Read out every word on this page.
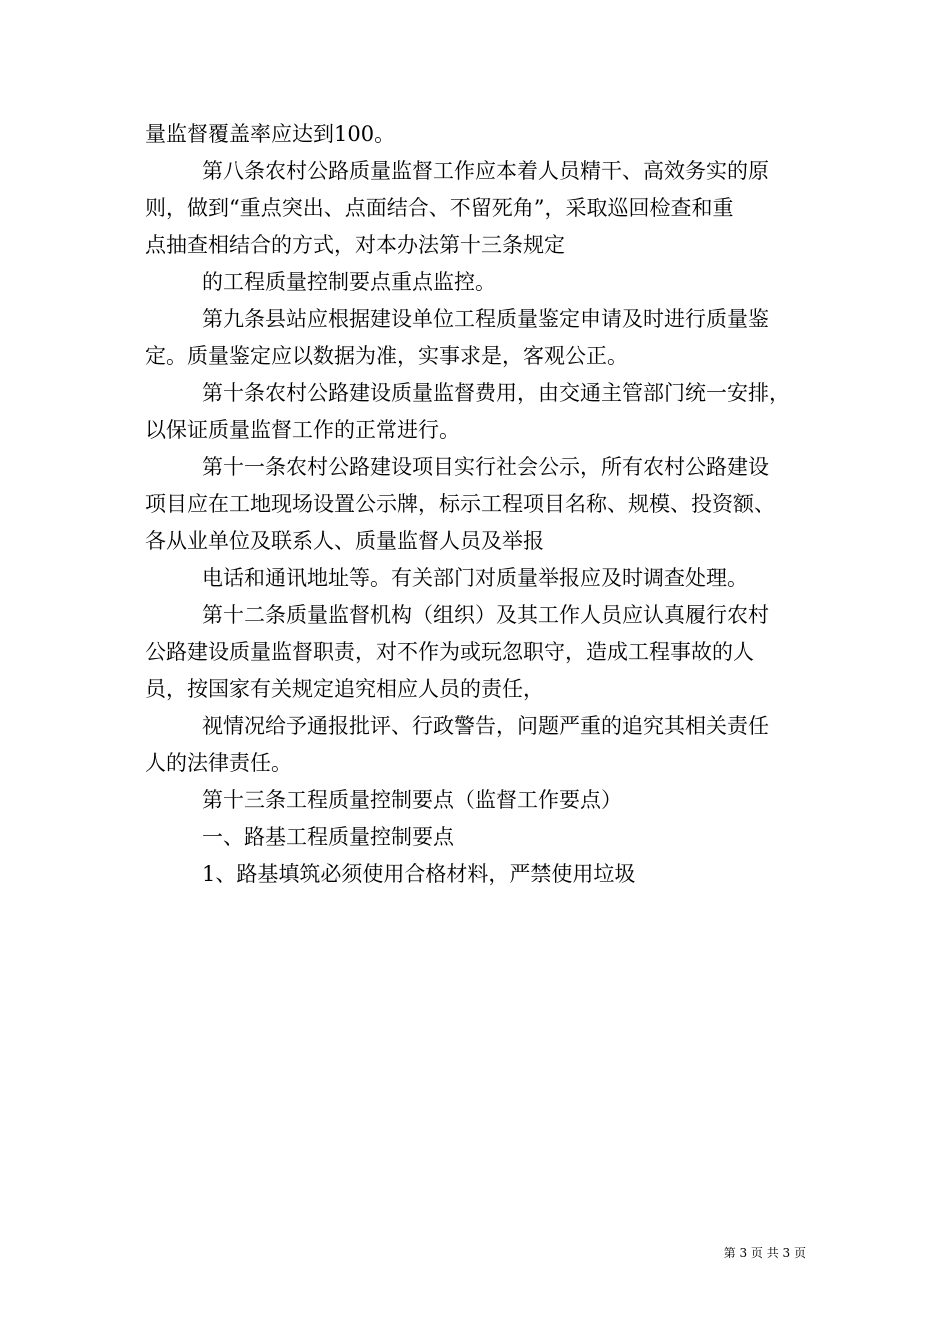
量监督覆盖率应达到100。
第八条农村公路质量监督工作应本着人员精干、高效务实的原
则，做到“重点突出、点面结合、不留死角”，采取巡回检查和重
点抽查相结合的方式，对本办法第十三条规定
的工程质量控制要点重点监控。
第九条县站应根据建设单位工程质量鉴定申请及时进行质量鉴
定。质量鉴定应以数据为准，实事求是，客观公正。
第十条农村公路建设质量监督费用，由交通主管部门统一安排，
以保证质量监督工作的正常进行。
第十一条农村公路建设项目实行社会公示，所有农村公路建设
项目应在工地现场设置公示牌，标示工程项目名称、规模、投资额、
各从业单位及联系人、质量监督人员及举报
电话和通讯地址等。有关部门对质量举报应及时调查处理。
第十二条质量监督机构（组织）及其工作人员应认真履行农村
公路建设质量监督职责，对不作为或玩忽职守，造成工程事故的人
员，按国家有关规定追究相应人员的责任，
视情况给予通报批评、行政警告，问题严重的追究其相关责任
人的法律责任。
第十三条工程质量控制要点（监督工作要点）
一、路基工程质量控制要点
1、路基填筑必须使用合格材料，严禁使用垃圾
第 3 页 共 3 页
